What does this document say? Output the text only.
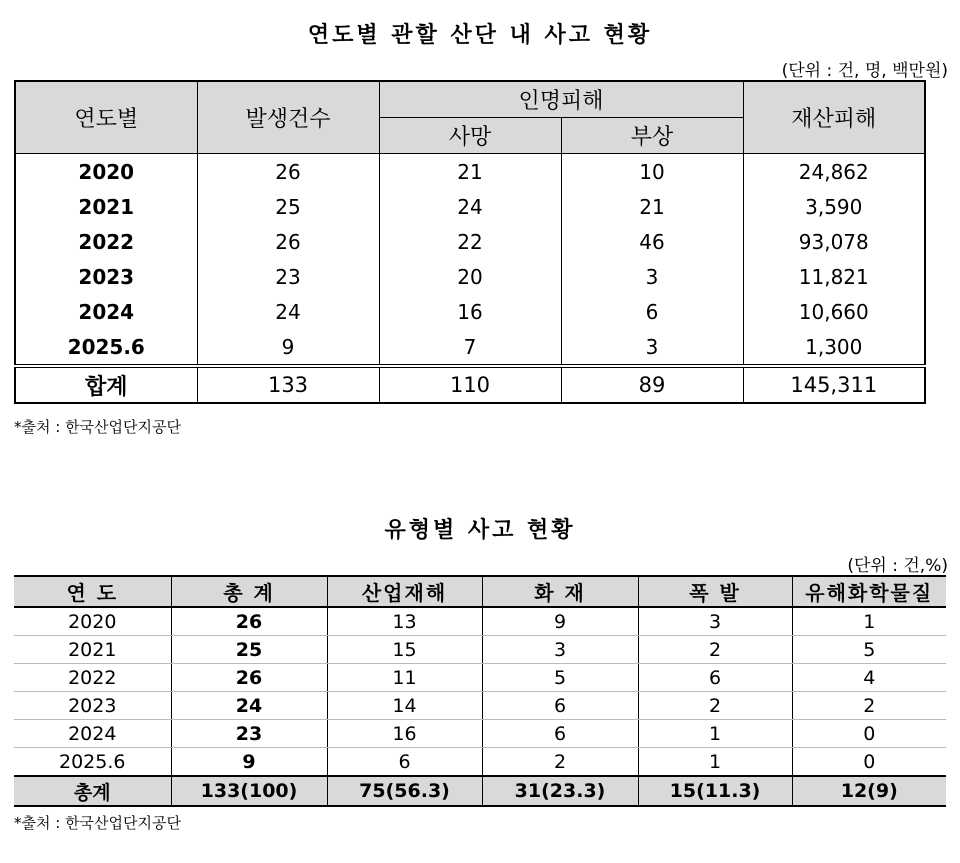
연도별 관할 산단 내 사고 현황
(단위 : 건, 명, 백만원)
연도별	발생건수	인명피해		재산피해
		사망	부상	
2020	26	21	10	24,862
2021	25	24	21	3,590
2022	26	22	46	93,078
2023	23	20	3	11,821
2024	24	16	6	10,660
2025.6	9	7	3	1,300
합계	133	110	89	145,311
*출처 : 한국산업단지공단
유형별 사고 현황
(단위 : 건,%)
연 도	총 계	산업재해	화 재	폭 발	유해화학물질
2020	26	13	9	3	1
2021	25	15	3	2	5
2022	26	11	5	6	4
2023	24	14	6	2	2
2024	23	16	6	1	0
2025.6	9	6	2	1	0
총계	133(100)	75(56.3)	31(23.3)	15(11.3)	12(9)
*출처 : 한국산업단지공단
